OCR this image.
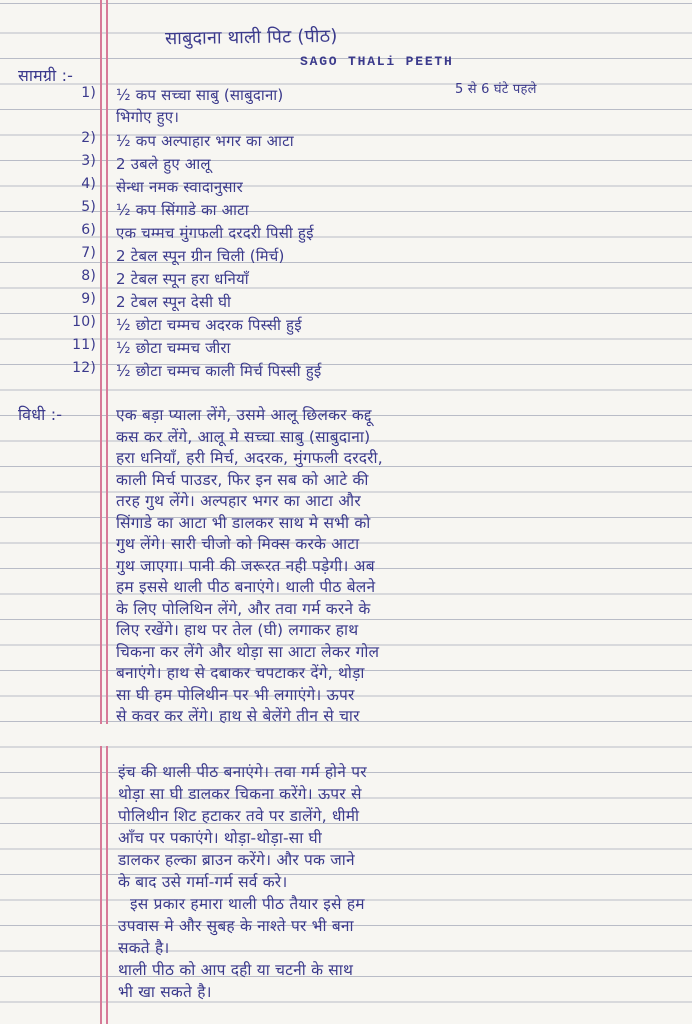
साबुदाना थाली पिट (पीठ)
SAGO THALi PEETH
सामग्री :-
5 से 6 घंटे पहले
1) ½ कप सच्चा साबु (साबुदाना)
भिगोए हुए।
2) ½ कप अल्पाहार भगर का आटा
3) 2 उबले हुए आलू
4) सेन्धा नमक स्वादानुसार
5) ½ कप सिंगाडे का आटा
6) एक चम्मच मुंगफली दरदरी पिसी हुई
7) 2 टेबल स्पून ग्रीन चिली (मिर्च)
8) 2 टेबल स्पून हरा धनियाँ
9) 2 टेबल स्पून देसी घी
10) ½ छोटा चम्मच अदरक पिस्सी हुई
11) ½ छोटा चम्मच जीरा
12) ½ छोटा चम्मच काली मिर्च पिस्सी हुई
विधी :-	एक बड़ा प्याला लेंगे, उसमे आलू छिलकर कद्दू
कस कर लेंगे, आलू मे सच्चा साबु (साबुदाना)
हरा धनियाँ, हरी मिर्च, अदरक, मुंगफली दरदरी,
काली मिर्च पाउडर, फिर इन सब को आटे की
तरह गुथ लेंगे। अल्पहार भगर का आटा और
सिंगाडे का आटा भी डालकर साथ मे सभी को
गुथ लेंगे। सारी चीजो को मिक्स करके आटा
गुथ जाएगा। पानी की जरूरत नही पड़ेगी। अब
हम इससे थाली पीठ बनाएंगे। थाली पीठ बेलने
के लिए पोलिथिन लेंगे, और तवा गर्म करने के
लिए रखेंगे। हाथ पर तेल (घी) लगाकर हाथ
चिकना कर लेंगे और थोड़ा सा आटा लेकर गोल
बनाएंगे। हाथ से दबाकर चपटाकर देंगे, थोड़ा
सा घी हम पोलिथीन पर भी लगाएंगे। ऊपर
से कवर कर लेंगे। हाथ से बेलेंगे तीन से चार
इंच की थाली पीठ बनाएंगे। तवा गर्म होने पर
थोड़ा सा घी डालकर चिकना करेंगे। ऊपर से
पोलिथीन शिट हटाकर तवे पर डालेंगे, धीमी
आँच पर पकाएंगे। थोड़ा-थोड़ा-सा घी
डालकर हल्का ब्राउन करेंगे। और पक जाने
के बाद उसे गर्मा-गर्म सर्व करे।
इस प्रकार हमारा थाली पीठ तैयार इसे हम
उपवास मे और सुबह के नाश्ते पर भी बना
सकते है।
थाली पीठ को आप दही या चटनी के साथ
भी खा सकते है।
